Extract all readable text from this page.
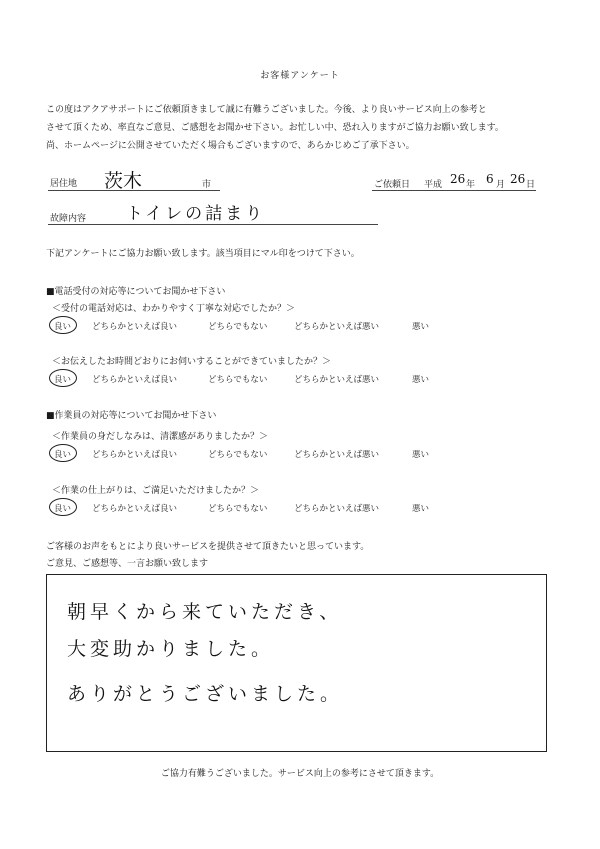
お客様アンケート
この度はアクアサポートにご依頼頂きまして誠に有難うございました。今後、より良いサービス向上の参考と
させて頂くため、率直なご意見、ご感想をお聞かせ下さい。お忙しい中、恐れ入りますがご協力お願い致します。
尚、ホームページに公開させていただく場合もございますので、あらかじめご了承下さい。
居住地 茨木	市	ご依頼日 平成 26 年 6 月 26 日
故障内容 トイレの詰まり
下記アンケートにご協力お願い致します。該当項目にマル印をつけて下さい。
■電話受付の対応等についてお聞かせ下さい
＜受付の電話対応は、わかりやすく丁寧な対応でしたか？＞
良い どちらかといえば良い	どちらでもない	どちらかといえば悪い	悪い
＜お伝えしたお時間どおりにお伺いすることができていましたか？＞
良い どちらかといえば良い	どちらでもない	どちらかといえば悪い	悪い
■作業員の対応等についてお聞かせ下さい
＜作業員の身だしなみは、清潔感がありましたか？＞
良い どちらかといえば良い	どちらでもない	どちらかといえば悪い	悪い
＜作業の仕上がりは、ご満足いただけましたか？＞
良い どちらかといえば良い	どちらでもない	どちらかといえば悪い	悪い
ご客様のお声をもとにより良いサービスを提供させて頂きたいと思っています。
ご意見、ご感想等、一言お願い致します
朝早くから来ていただき、
大変助かりました。
ありがとうございました。
ご協力有難うございました。サービス向上の参考にさせて頂きます。
